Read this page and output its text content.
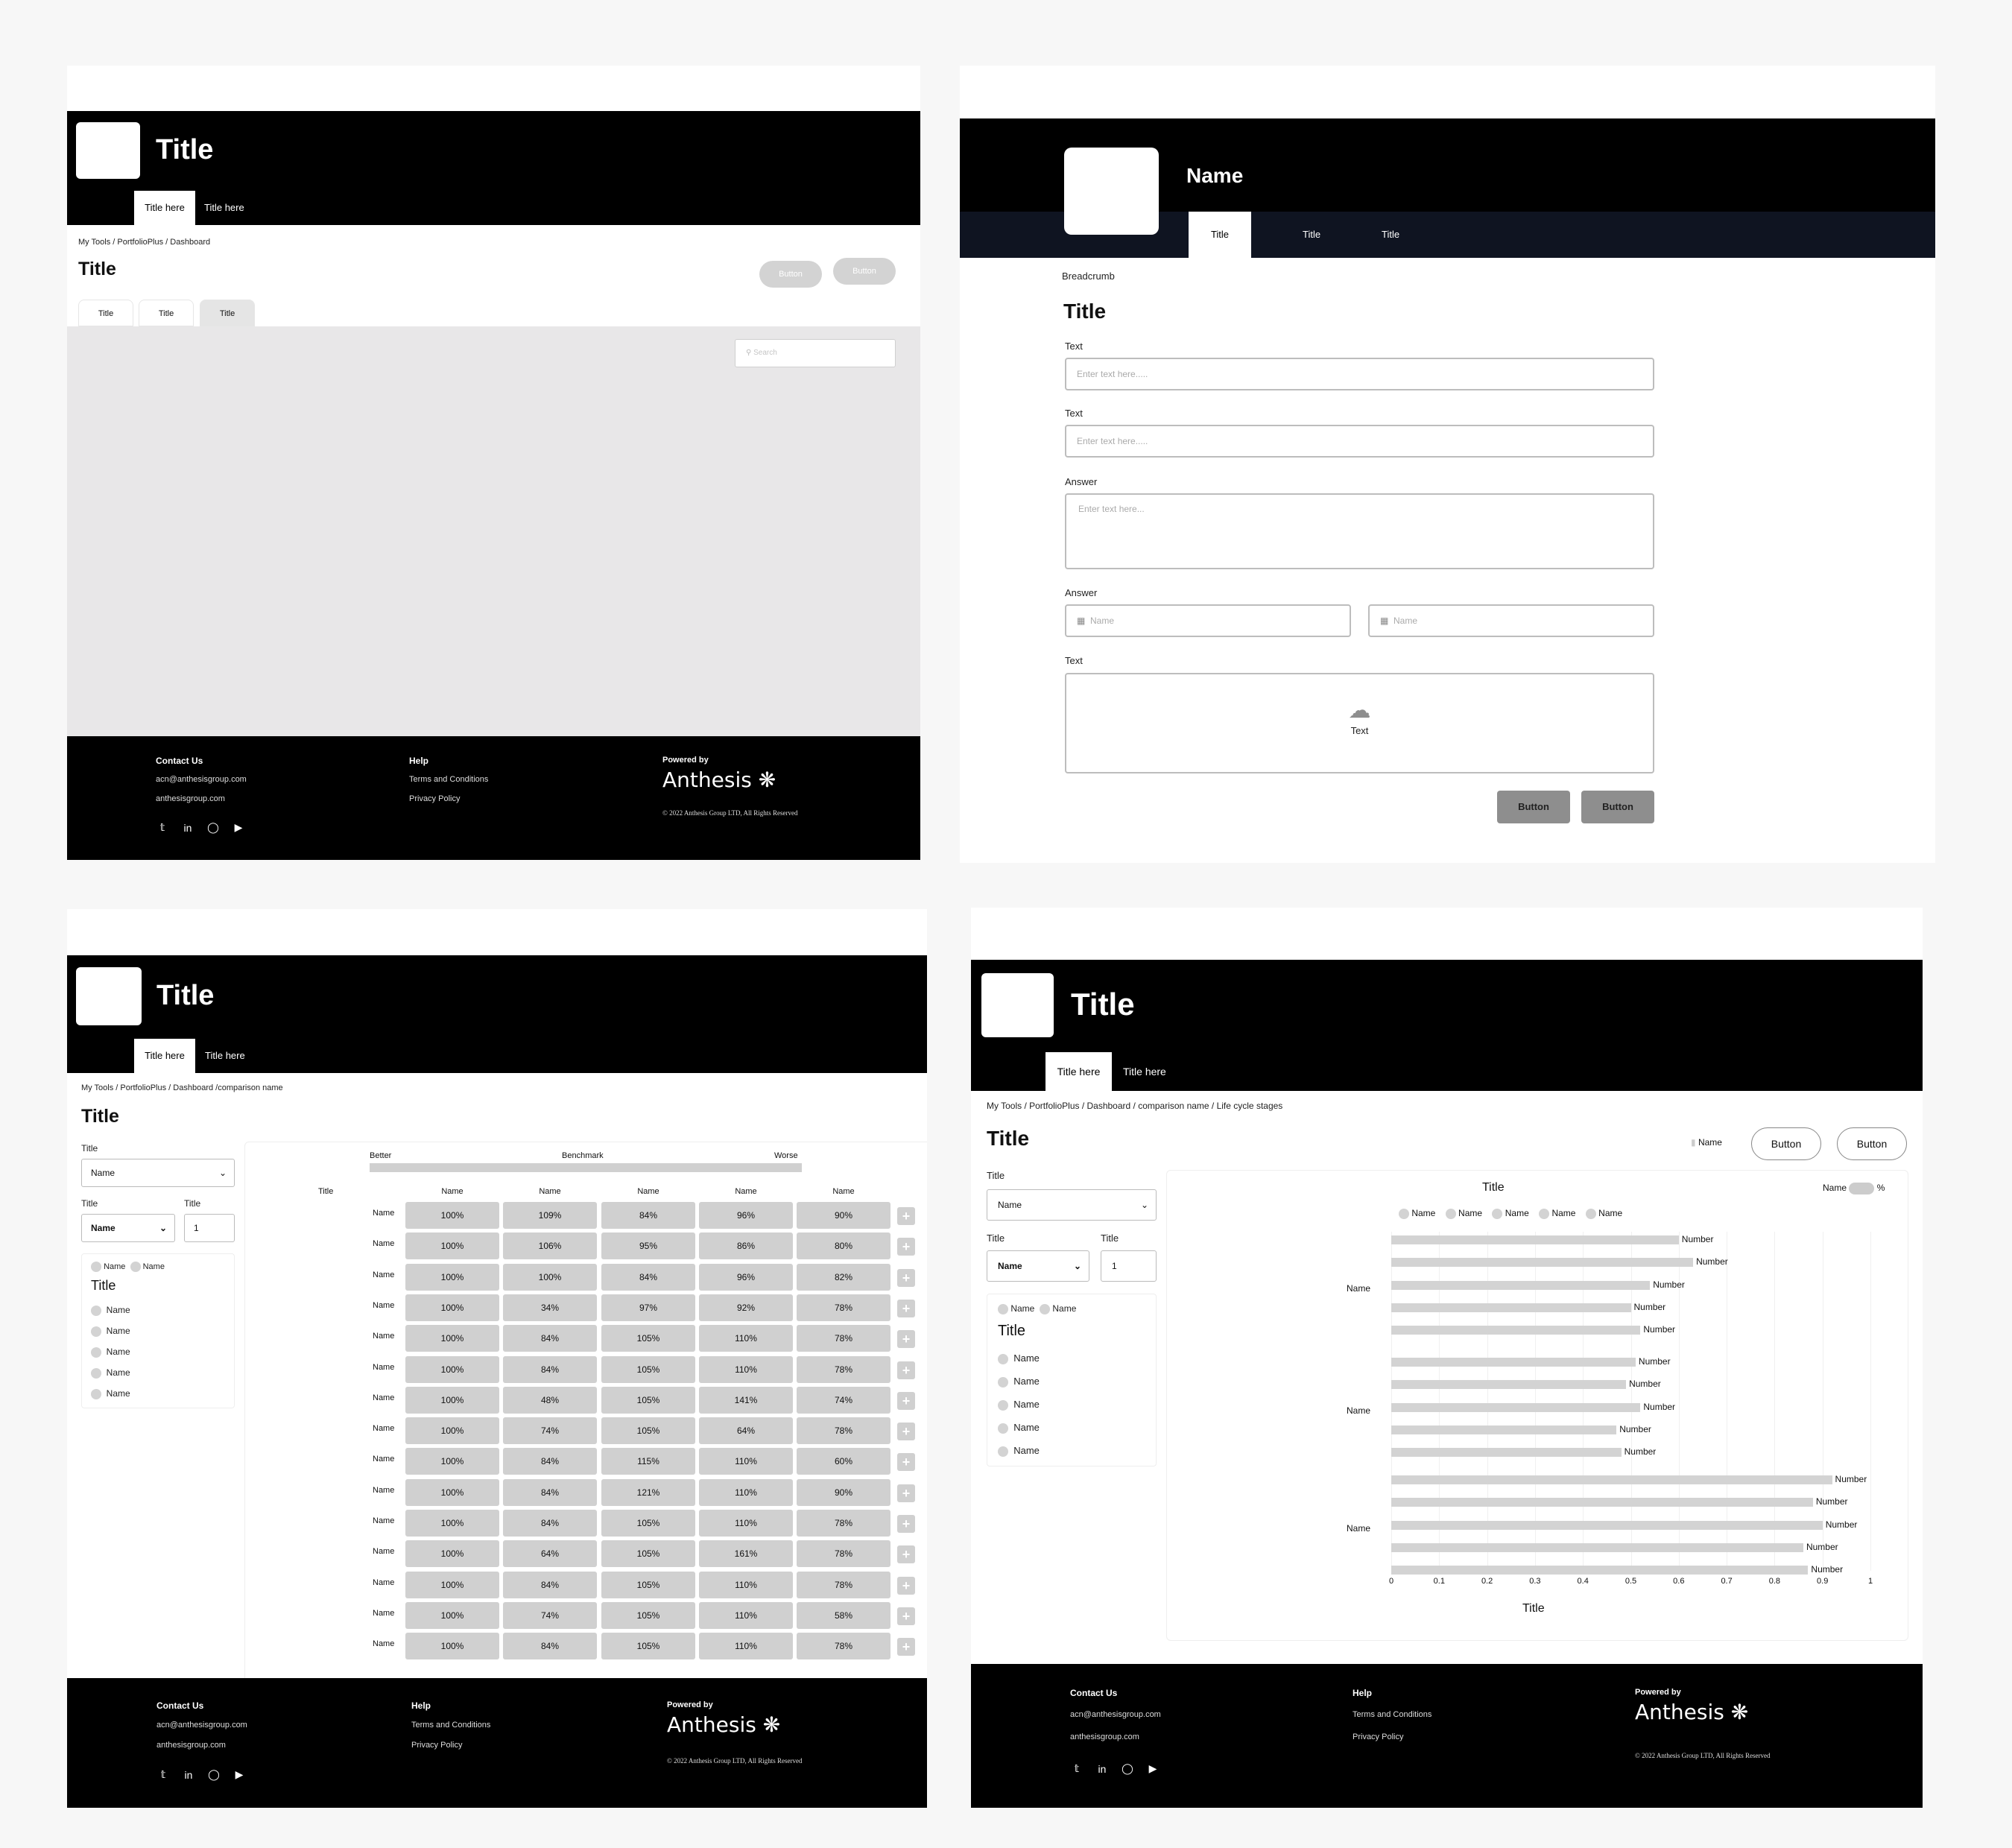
Title
Title here	Title here
My Tools / PortfolioPlus / Dashboard
Title	Button	Button
Title	Title	Title
⚲ Search
Contact Us
acn@anthesisgroup.com
anthesisgroup.com
𝕥	in ◯ ▶
Help
Terms and Conditions
Privacy Policy
Powered by
Anthesis ❋
© 2022 Anthesis Group LTD, All Rights Reserved
Name
Title	Title	Title
Breadcrumb
Title
Text
Enter text here.....
Text
Enter text here.....
Answer
Enter text here...
Answer
▦ Name	▦ Name
Text
☁
Text
Button	Button
Title
Title here	Title here
My Tools / PortfolioPlus / Dashboard /comparison name
Title
Title
Name	⌄
Title	Title
Name	⌄	1
Name Name
Title
Name
Name
Name
Name
Name
Better	Benchmark	Worse
Title	Name	Name	Name	Name	Name
Name	100%	109%	84%	96%	90%	+
Name	100%	106%	95%	86%	80%	+
Name	100%	100%	84%	96%	82%	+
Name	100%	34%	97%	92%	78%	+
Name	100%	84%	105%	110%	78%	+
Name	100%	84%	105%	110%	78%	+
Name	100%	48%	105%	141%	74%	+
Name	100%	74%	105%	64%	78%	+
Name	100%	84%	115%	110%	60%	+
Name	100%	84%	121%	110%	90%	+
Name	100%	84%	105%	110%	78%	+
Name	100%	64%	105%	161%	78%	+
Name	100%	84%	105%	110%	78%	+
Name	100%	74%	105%	110%	58%	+
Name	100%	84%	105%	110%	78%	+
Contact Us
acn@anthesisgroup.com
anthesisgroup.com
𝕥	in ◯ ▶
Help
Terms and Conditions
Privacy Policy
Powered by
Anthesis ❋
© 2022 Anthesis Group LTD, All Rights Reserved
Title
Title here	Title here
My Tools / PortfolioPlus / Dashboard / comparison name / Life cycle stages
Title	▮ Name	Button	Button
Title
Name	⌄
Title	Title
Name	⌄	1
Name Name
Title
Name
Name
Name
Name
Name
Title	Name	%
Name	Name	Name	Name	Name
0	0.1	0.2	0.3	0.4	0.5	0.6	0.7	0.8	0.9	1
Name
Number
Number
Number
Number
Number
Name
Number
Number
Number
Number
Number
Name
Number
Number
Number
Number
Number
Title
Contact Us
acn@anthesisgroup.com
anthesisgroup.com
𝕥	in ◯ ▶
Help
Terms and Conditions
Privacy Policy
Powered by
Anthesis ❋
© 2022 Anthesis Group LTD, All Rights Reserved
